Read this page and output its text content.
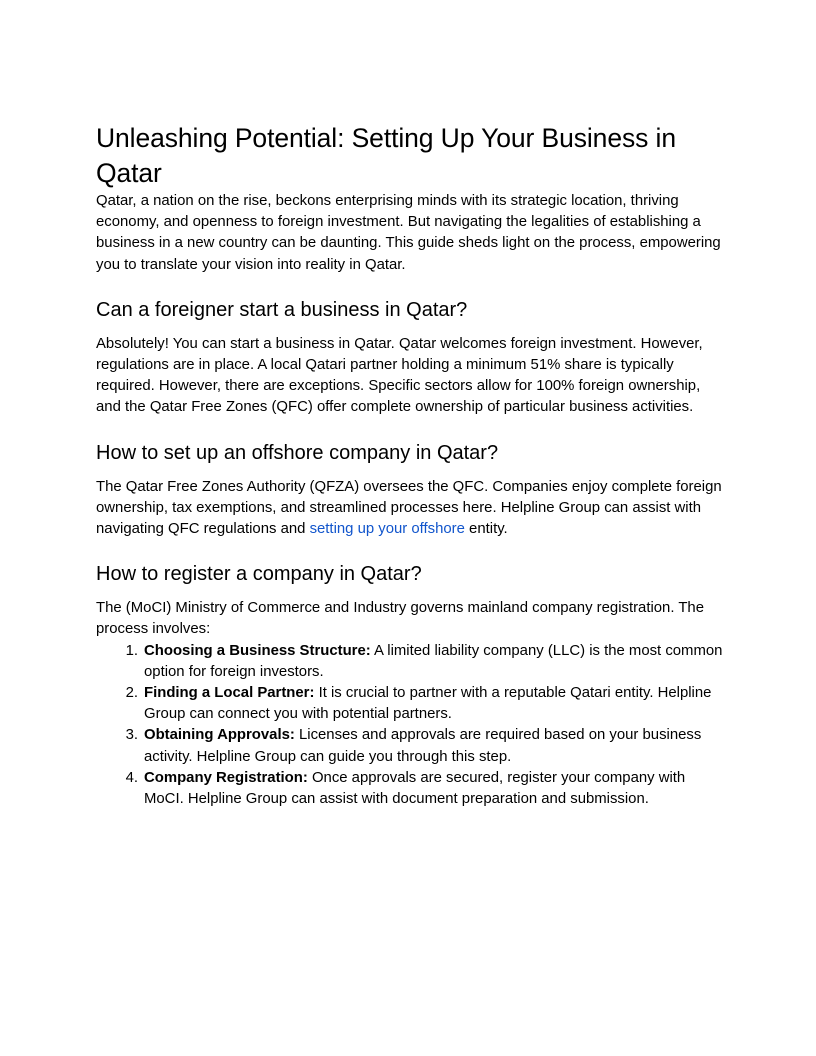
Unleashing Potential: Setting Up Your Business in Qatar

Qatar, a nation on the rise, beckons enterprising minds with its strategic location, thriving economy, and openness to foreign investment. But navigating the legalities of establishing a business in a new country can be daunting. This guide sheds light on the process, empowering you to translate your vision into reality in Qatar.

Can a foreigner start a business in Qatar?

Absolutely! You can start a business in Qatar. Qatar welcomes foreign investment. However, regulations are in place. A local Qatari partner holding a minimum 51% share is typically required. However, there are exceptions. Specific sectors allow for 100% foreign ownership, and the Qatar Free Zones (QFC) offer complete ownership of particular business activities.

How to set up an offshore company in Qatar?

The Qatar Free Zones Authority (QFZA) oversees the QFC. Companies enjoy complete foreign ownership, tax exemptions, and streamlined processes here. Helpline Group can assist with navigating QFC regulations and setting up your offshore entity.

How to register a company in Qatar?

The (MoCI) Ministry of Commerce and Industry governs mainland company registration. The process involves:

1. Choosing a Business Structure: A limited liability company (LLC) is the most common option for foreign investors.
2. Finding a Local Partner: It is crucial to partner with a reputable Qatari entity. Helpline Group can connect you with potential partners.
3. Obtaining Approvals: Licenses and approvals are required based on your business activity. Helpline Group can guide you through this step.
4. Company Registration: Once approvals are secured, register your company with MoCI. Helpline Group can assist with document preparation and submission.
